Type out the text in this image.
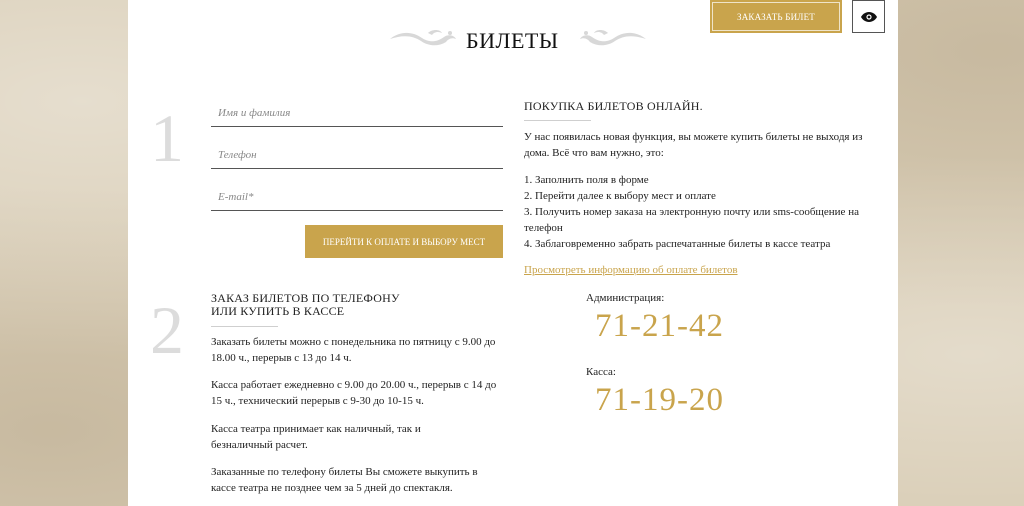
ЗАКАЗАТЬ БИЛЕТ
БИЛЕТЫ
1
Имя и фамилия
Телефон
E-mail*
ПЕРЕЙТИ К ОПЛАТЕ И ВЫБОРУ МЕСТ
2 ЗАКАЗ БИЛЕТОВ ПО ТЕЛЕФОНУ
ИЛИ КУПИТЬ В КАССЕ
Заказать билеты можно с понедельника по пятницу с 9.00 до 18.00 ч., перерыв с 13 до 14 ч.
Касса работает ежедневно с 9.00 до 20.00 ч., перерыв с 14 до 15 ч., технический перерыв с 9-30 до 10-15 ч.
Касса театра принимает как наличный, так и безналичный расчет.
Заказанные по телефону билеты Вы сможете выкупить в кассе театра не позднее чем за 5 дней до спектакля.
ПОКУПКА БИЛЕТОВ ОНЛАЙН.
У нас появилась новая функция, вы можете купить билеты не выходя из дома. Всё что вам нужно, это:
1. Заполнить поля в форме
2. Перейти далее к выбору мест и оплате
3. Получить номер заказа на электронную почту или sms-сообщение на телефон
4. Заблаговременно забрать распечатанные билеты в кассе театра
Просмотреть информацию об оплате билетов
Администрация:
71-21-42
Касса:
71-19-20
